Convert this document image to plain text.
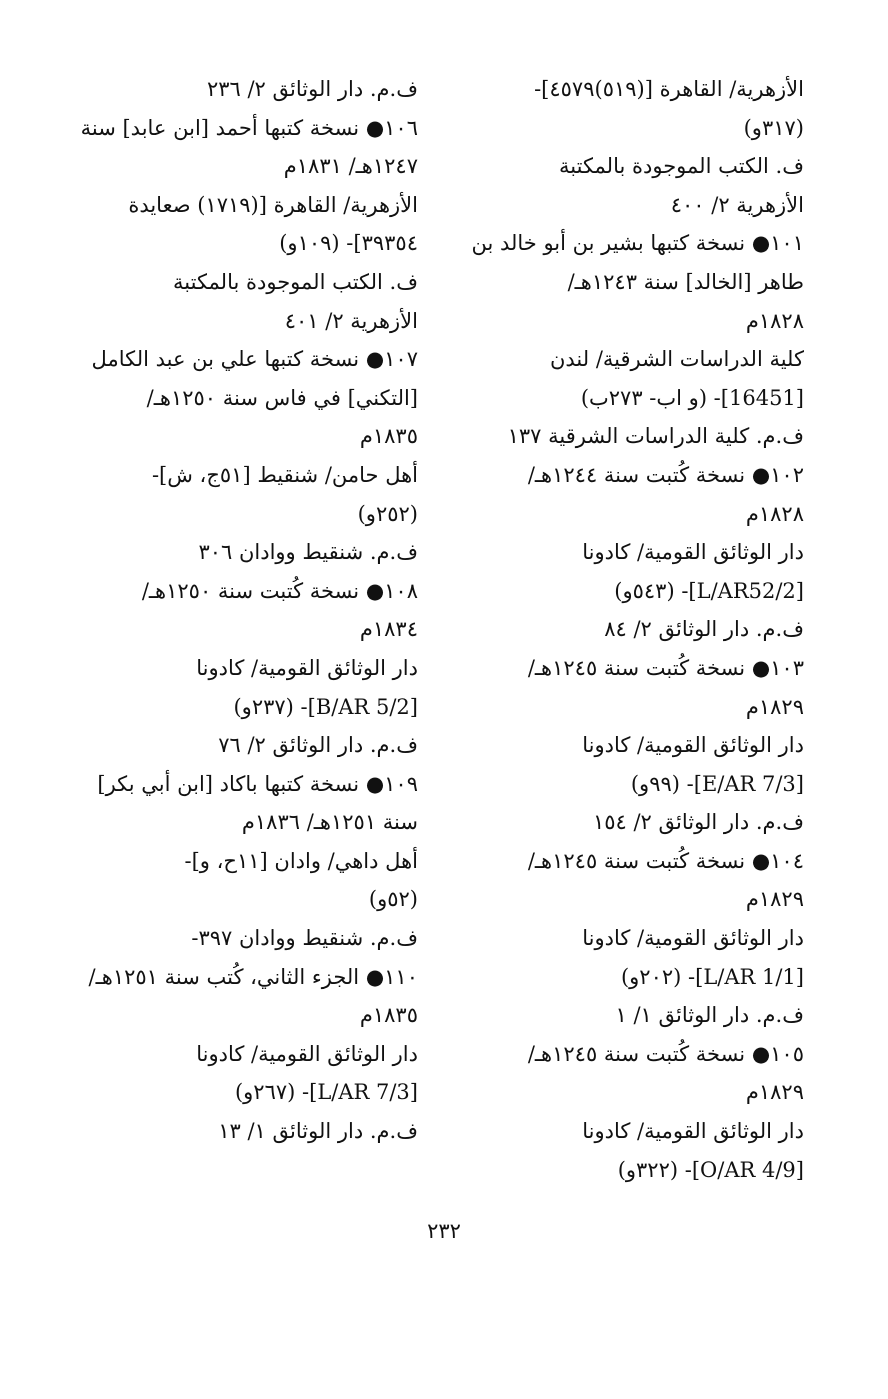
الأزهرية/ القاهرة [(٥١٩)٤٥٧٩]-
(٣١٧و)
ف. الكتب الموجودة بالمكتبة
الأزهرية ٢/ ٤٠٠
١٠١● نسخة كتبها بشير بن أبو خالد بن
طاهر [الخالد] سنة ١٢٤٣هـ/
١٨٢٨م
كلية الدراسات الشرقية/ لندن
[16451]- (و اب- ٢٧٣ب)
ف.م. كلية الدراسات الشرقية ١٣٧
١٠٢● نسخة كُتبت سنة ١٢٤٤هـ/
١٨٢٨م
دار الوثائق القومية/ كادونا
[L/AR52/2]- (٥٤٣و)
ف.م. دار الوثائق ٢/ ٨٤
١٠٣● نسخة كُتبت سنة ١٢٤٥هـ/
١٨٢٩م
دار الوثائق القومية/ كادونا
[E/AR 7/3]- (٩٩و)
ف.م. دار الوثائق ٢/ ١٥٤
١٠٤● نسخة كُتبت سنة ١٢٤٥هـ/
١٨٢٩م
دار الوثائق القومية/ كادونا
[L/AR 1/1]- (٢٠٢و)
ف.م. دار الوثائق ١/ ١
١٠٥● نسخة كُتبت سنة ١٢٤٥هـ/
١٨٢٩م
دار الوثائق القومية/ كادونا
[O/AR 4/9]- (٣٢٢و)
ف.م. دار الوثائق ٢/ ٢٣٦
١٠٦● نسخة كتبها أحمد [ابن عابد] سنة
١٢٤٧هـ/ ١٨٣١م
الأزهرية/ القاهرة [(١٧١٩) صعايدة
٣٩٣٥٤]- (١٠٩و)
ف. الكتب الموجودة بالمكتبة
الأزهرية ٢/ ٤٠١
١٠٧● نسخة كتبها علي بن عبد الكامل
[التكني] في فاس سنة ١٢٥٠هـ/
١٨٣٥م
أهل حامن/ شنقيط [٥١ج، ش]-
(٢٥٢و)
ف.م. شنقيط ووادان ٣٠٦
١٠٨● نسخة كُتبت سنة ١٢٥٠هـ/
١٨٣٤م
دار الوثائق القومية/ كادونا
[B/AR 5/2]- (٢٣٧و)
ف.م. دار الوثائق ٢/ ٧٦
١٠٩● نسخة كتبها باكاد [ابن أبي بكر]
سنة ١٢٥١هـ/ ١٨٣٦م
أهل داهي/ وادان [١١ح، و]-
(٥٢و)
ف.م. شنقيط ووادان ٣٩٧-
١١٠● الجزء الثاني، كُتب سنة ١٢٥١هـ/
١٨٣٥م
دار الوثائق القومية/ كادونا
[L/AR 7/3]- (٢٦٧و)
ف.م. دار الوثائق ١/ ١٣
٢٣٢
